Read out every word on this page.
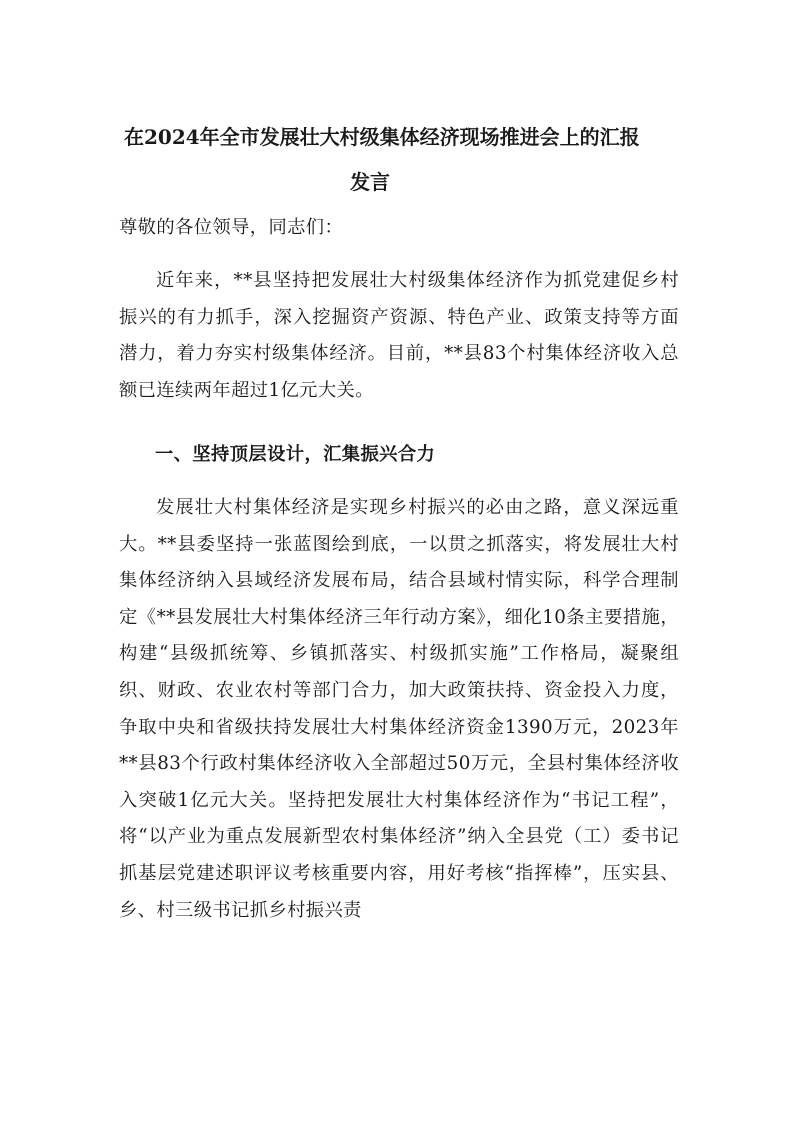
在2024年全市发展壮大村级集体经济现场推进会上的汇报
发言

尊敬的各位领导，同志们：

近年来，**县坚持把发展壮大村级集体经济作为抓党建促乡村振兴的有力抓手，深入挖掘资产资源、特色产业、政策支持等方面潜力，着力夯实村级集体经济。目前，**县83个村集体经济收入总额已连续两年超过1亿元大关。

一、坚持顶层设计，汇集振兴合力

发展壮大村集体经济是实现乡村振兴的必由之路，意义深远重大。**县委坚持一张蓝图绘到底，一以贯之抓落实，将发展壮大村集体经济纳入县域经济发展布局，结合县域村情实际，科学合理制定《**县发展壮大村集体经济三年行动方案》，细化10条主要措施，构建“县级抓统筹、乡镇抓落实、村级抓实施”工作格局，凝聚组织、财政、农业农村等部门合力，加大政策扶持、资金投入力度，争取中央和省级扶持发展壮大村集体经济资金1390万元，2023年**县83个行政村集体经济收入全部超过50万元，全县村集体经济收入突破1亿元大关。坚持把发展壮大村集体经济作为“书记工程”，将“以产业为重点发展新型农村集体经济”纳入全县党（工）委书记抓基层党建述职评议考核重要内容，用好考核“指挥棒”，压实县、乡、村三级书记抓乡村振兴责
